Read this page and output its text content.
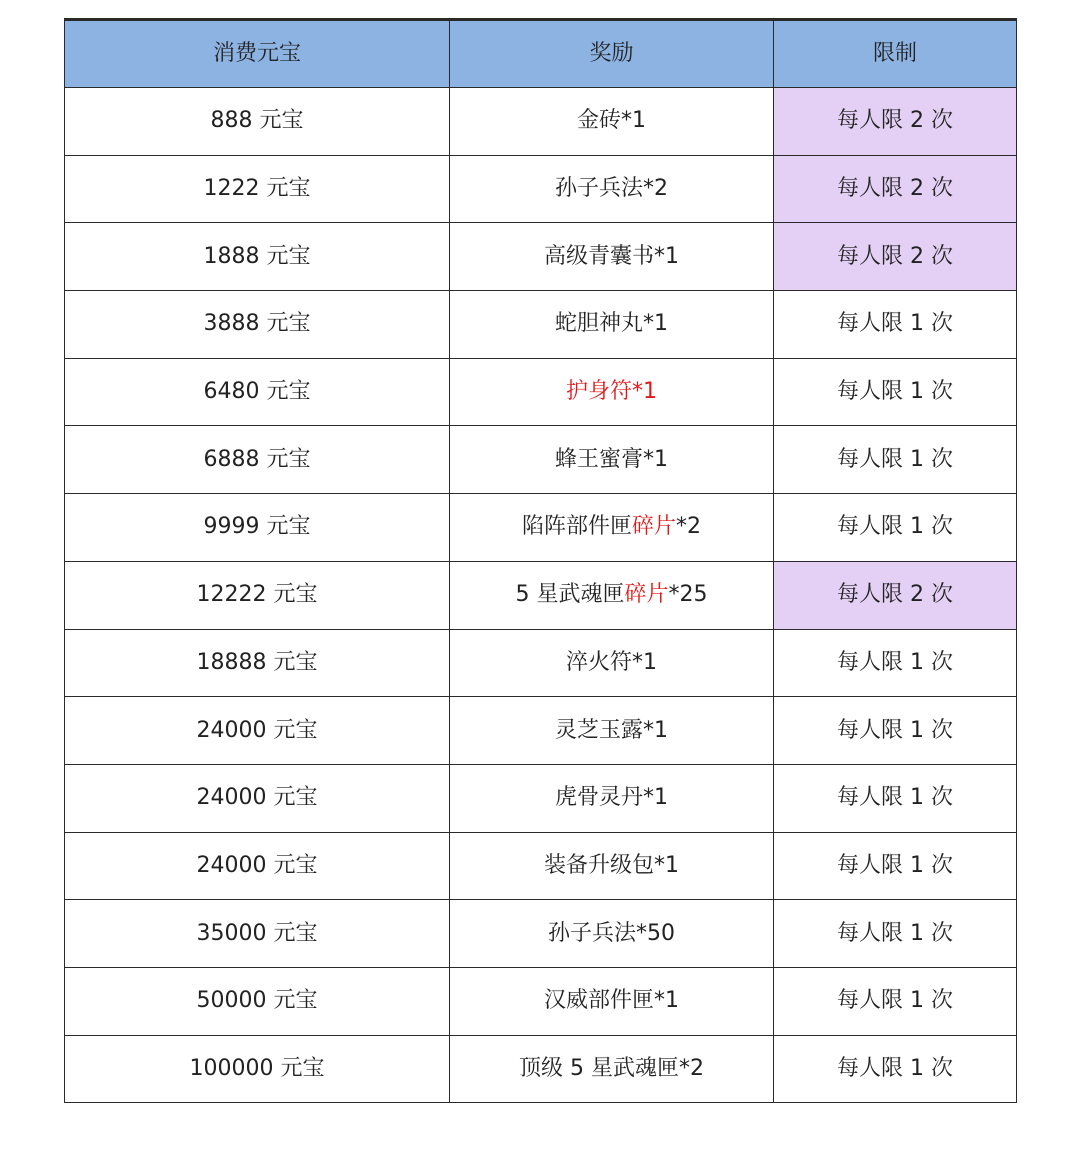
消费元宝	奖励	限制
888 元宝	金砖*1	每人限 2 次
1222 元宝	孙子兵法*2	每人限 2 次
1888 元宝	高级青囊书*1	每人限 2 次
3888 元宝	蛇胆神丸*1	每人限 1 次
6480 元宝	护身符*1	每人限 1 次
6888 元宝	蜂王蜜膏*1	每人限 1 次
9999 元宝	陷阵部件匣碎片*2	每人限 1 次
12222 元宝	5 星武魂匣碎片*25	每人限 2 次
18888 元宝	淬火符*1	每人限 1 次
24000 元宝	灵芝玉露*1	每人限 1 次
24000 元宝	虎骨灵丹*1	每人限 1 次
24000 元宝	装备升级包*1	每人限 1 次
35000 元宝	孙子兵法*50	每人限 1 次
50000 元宝	汉威部件匣*1	每人限 1 次
100000 元宝	顶级 5 星武魂匣*2	每人限 1 次
